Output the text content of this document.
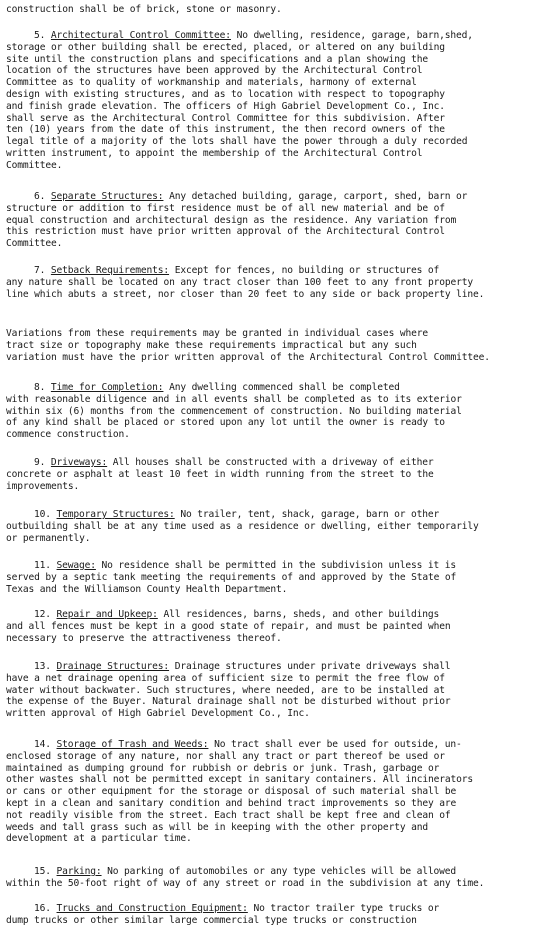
construction shall be of brick, stone or masonry.
5. Architectural Control Committee: No dwelling, residence, garage, barn,shed,
storage or other building shall be erected, placed, or altered on any building
site until the construction plans and specifications and a plan showing the
location of the structures have been approved by the Architectural Control
Committee as to quality of workmanship and materials, harmony of external
design with existing structures, and as to location with respect to topography
and finish grade elevation. The officers of High Gabriel Development Co., Inc.
shall serve as the Architectural Control Committee for this subdivision. After
ten (10) years from the date of this instrument, the then record owners of the
legal title of a majority of the lots shall have the power through a duly recorded
written instrument, to appoint the membership of the Architectural Control
Committee.
6. Separate Structures: Any detached building, garage, carport, shed, barn or
structure or addition to first residence must be of all new material and be of
equal construction and architectural design as the residence. Any variation from
this restriction must have prior written approval of the Architectural Control
Committee.
7. Setback Requirements: Except for fences, no building or structures of
any nature shall be located on any tract closer than 100 feet to any front property
line which abuts a street, nor closer than 20 feet to any side or back property line.
Variations from these requirements may be granted in individual cases where
tract size or topography make these requirements impractical but any such
variation must have the prior written approval of the Architectural Control Committee.
8. Time for Completion: Any dwelling commenced shall be completed
with reasonable diligence and in all events shall be completed as to its exterior
within six (6) months from the commencement of construction. No building material
of any kind shall be placed or stored upon any lot until the owner is ready to
commence construction.
9. Driveways: All houses shall be constructed with a driveway of either
concrete or asphalt at least 10 feet in width running from the street to the
improvements.
10. Temporary Structures: No trailer, tent, shack, garage, barn or other
outbuilding shall be at any time used as a residence or dwelling, either temporarily
or permanently.
11. Sewage: No residence shall be permitted in the subdivision unless it is
served by a septic tank meeting the requirements of and approved by the State of
Texas and the Williamson County Health Department.
12. Repair and Upkeep: All residences, barns, sheds, and other buildings
and all fences must be kept in a good state of repair, and must be painted when
necessary to preserve the attractiveness thereof.
13. Drainage Structures: Drainage structures under private driveways shall
have a net drainage opening area of sufficient size to permit the free flow of
water without backwater. Such structures, where needed, are to be installed at
the expense of the Buyer. Natural drainage shall not be disturbed without prior
written approval of High Gabriel Development Co., Inc.
14. Storage of Trash and Weeds: No tract shall ever be used for outside, un-
enclosed storage of any nature, nor shall any tract or part thereof be used or
maintained as dumping ground for rubbish or debris or junk. Trash, garbage or
other wastes shall not be permitted except in sanitary containers. All incinerators
or cans or other equipment for the storage or disposal of such material shall be
kept in a clean and sanitary condition and behind tract improvements so they are
not readily visible from the street. Each tract shall be kept free and clean of
weeds and tall grass such as will be in keeping with the other property and
development at a particular time.
15. Parking: No parking of automobiles or any type vehicles will be allowed
within the 50-foot right of way of any street or road in the subdivision at any time.
16. Trucks and Construction Equipment: No tractor trailer type trucks or
dump trucks or other similar large commercial type trucks or construction
